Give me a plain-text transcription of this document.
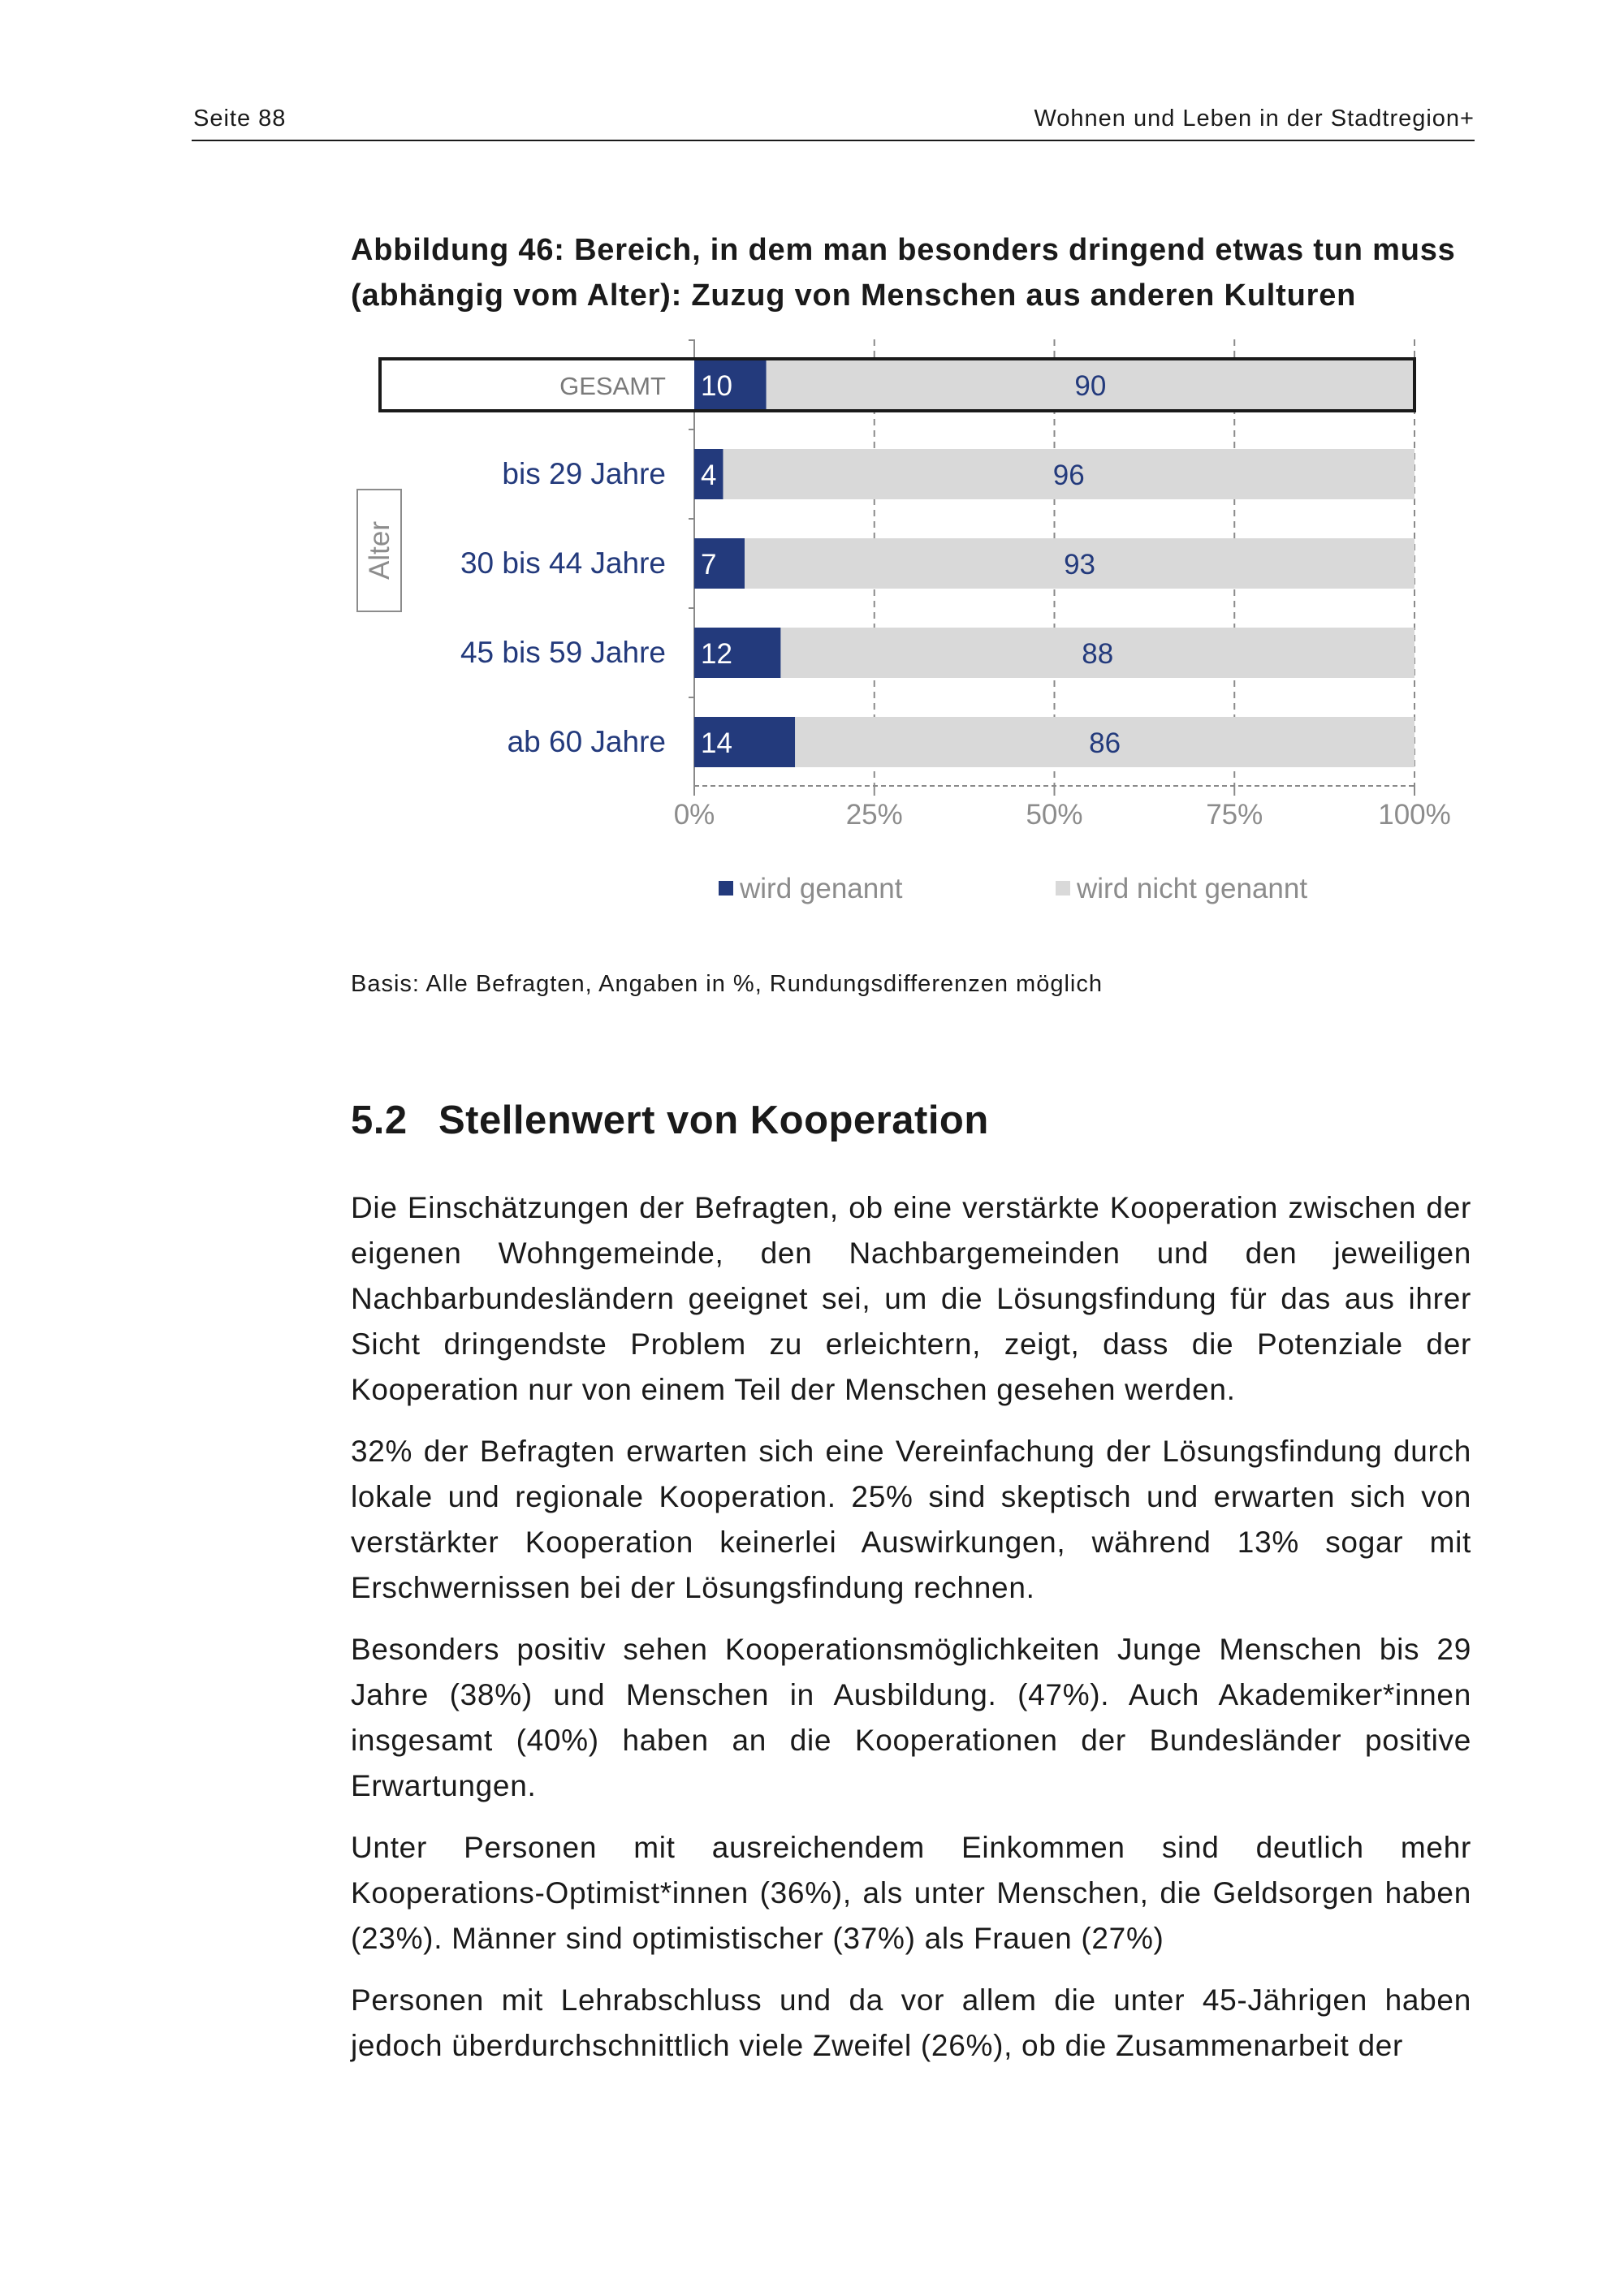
Seite 88	Wohnen und Leben in der Stadtregion+
Abbildung 46: Bereich, in dem man besonders dringend etwas tun muss
(abhängig vom Alter): Zuzug von Menschen aus anderen Kulturen
0%	25%	50%	75%	100%
10	90
GESAMT
4	96
bis 29 Jahre
7	93
30 bis 44 Jahre
12	88
45 bis 59 Jahre
14	86
ab 60 Jahre
Alter
wird genannt	wird nicht genannt
Basis: Alle Befragten, Angaben in %, Rundungsdifferenzen möglich
5.2 Stellenwert von Kooperation

Die Einschätzungen der Befragten, ob eine verstärkte Kooperation zwischen der eigenen Wohngemeinde, den Nachbargemeinden und den jeweiligen Nachbarbundesländern geeignet sei, um die Lösungsfindung für das aus ihrer Sicht dringendste Problem zu erleichtern, zeigt, dass die Potenziale der Kooperation nur von einem Teil der Menschen gesehen werden.

32% der Befragten erwarten sich eine Vereinfachung der Lösungsfindung durch lokale und regionale Kooperation. 25% sind skeptisch und erwarten sich von verstärkter Kooperation keinerlei Auswirkungen, während 13% sogar mit Erschwernissen bei der Lösungsfindung rechnen.

Besonders positiv sehen Kooperationsmöglichkeiten Junge Menschen bis 29 Jahre (38%) und Menschen in Ausbildung. (47%). Auch Akademiker*innen insgesamt (40%) haben an die Kooperationen der Bundesländer positive Erwartungen.

Unter Personen mit ausreichendem Einkommen sind deutlich mehr Kooperations-Optimist*innen (36%), als unter Menschen, die Geldsorgen haben (23%). Männer sind optimistischer (37%) als Frauen (27%)

Personen mit Lehrabschluss und da vor allem die unter 45-Jährigen haben jedoch überdurchschnittlich viele Zweifel (26%), ob die Zusammenarbeit der
